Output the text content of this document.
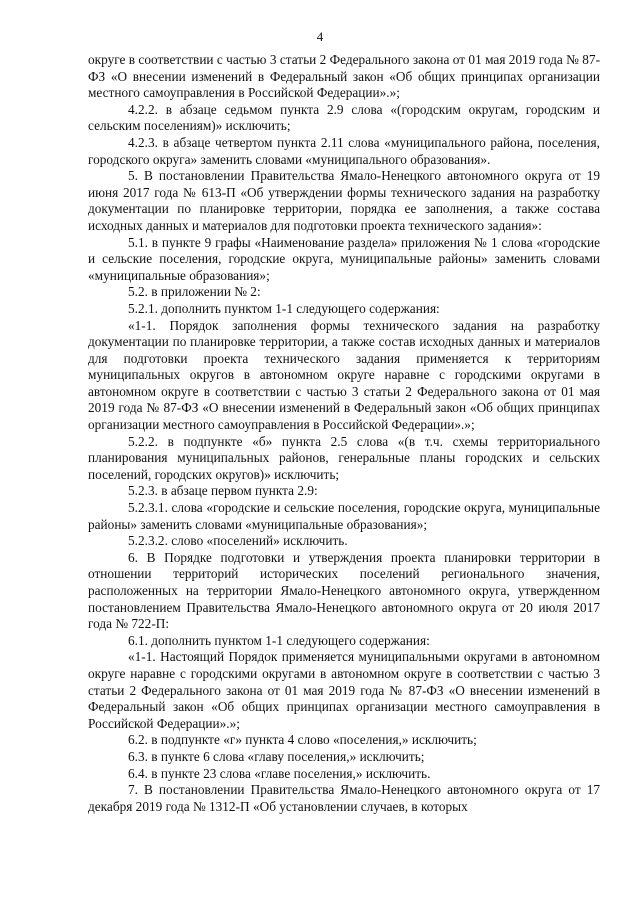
4

округе в соответствии с частью 3 статьи 2 Федерального закона от 01 мая 2019 года № 87-ФЗ «О внесении изменений в Федеральный закон «Об общих принципах организации местного самоуправления в Российской Федерации».»;

4.2.2. в абзаце седьмом пункта 2.9 слова «(городским округам, городским и сельским поселениям)» исключить;

4.2.3. в абзаце четвертом пункта 2.11 слова «муниципального района, поселения, городского округа» заменить словами «муниципального образования».

5. В постановлении Правительства Ямало-Ненецкого автономного округа от 19 июня 2017 года № 613-П «Об утверждении формы технического задания на разработку документации по планировке территории, порядка ее заполнения, а также состава исходных данных и материалов для подготовки проекта технического задания»:

5.1. в пункте 9 графы «Наименование раздела» приложения № 1 слова «городские и сельские поселения, городские округа, муниципальные районы» заменить словами «муниципальные образования»;

5.2. в приложении № 2:

5.2.1. дополнить пунктом 1-1 следующего содержания:

«1-1. Порядок заполнения формы технического задания на разработку документации по планировке территории, а также состав исходных данных и материалов для подготовки проекта технического задания применяется к территориям муниципальных округов в автономном округе наравне с городскими округами в автономном округе в соответствии с частью 3 статьи 2 Федерального закона от 01 мая 2019 года № 87-ФЗ «О внесении изменений в Федеральный закон «Об общих принципах организации местного самоуправления в Российской Федерации».»;

5.2.2. в подпункте «б» пункта 2.5 слова «(в т.ч. схемы территориального планирования муниципальных районов, генеральные планы городских и сельских поселений, городских округов)» исключить;

5.2.3. в абзаце первом пункта 2.9:

5.2.3.1. слова «городские и сельские поселения, городские округа, муниципальные районы» заменить словами «муниципальные образования»;

5.2.3.2. слово «поселений» исключить.

6. В Порядке подготовки и утверждения проекта планировки территории в отношении территорий исторических поселений регионального значения, расположенных на территории Ямало-Ненецкого автономного округа, утвержденном постановлением Правительства Ямало-Ненецкого автономного округа от 20 июля 2017 года № 722-П:

6.1. дополнить пунктом 1-1 следующего содержания:

«1-1. Настоящий Порядок применяется муниципальными округами в автономном округе наравне с городскими округами в автономном округе в соответствии с частью 3 статьи 2 Федерального закона от 01 мая 2019 года № 87-ФЗ «О внесении изменений в Федеральный закон «Об общих принципах организации местного самоуправления в Российской Федерации».»;

6.2. в подпункте «г» пункта 4 слово «поселения,» исключить;

6.3. в пункте 6 слова «главу поселения,» исключить;

6.4. в пункте 23 слова «главе поселения,» исключить.

7. В постановлении Правительства Ямало-Ненецкого автономного округа от 17 декабря 2019 года № 1312-П «Об установлении случаев, в которых
